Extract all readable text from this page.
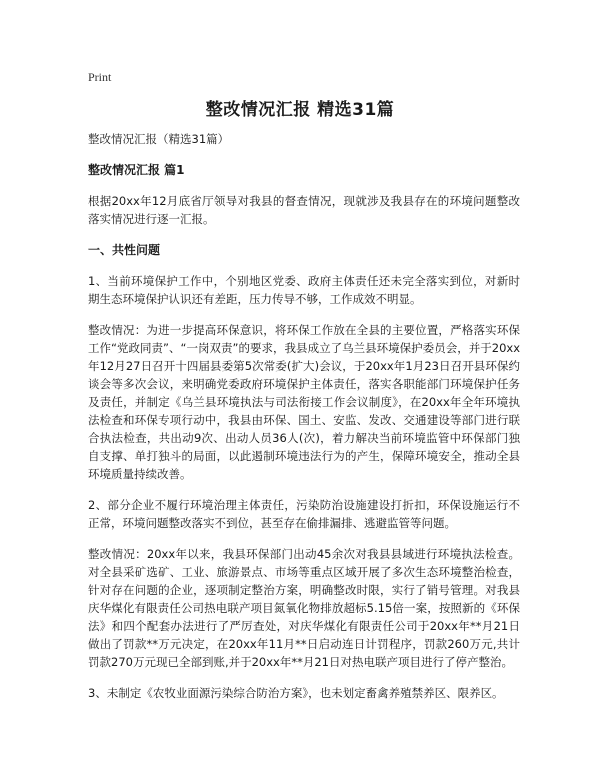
Print
整改情况汇报 精选31篇

整改情况汇报（精选31篇）

整改情况汇报 篇1

根据20xx年12月底省厅领导对我县的督查情况，现就涉及我县存在的环境问题整改落实情况进行逐一汇报。

一、共性问题

1、当前环境保护工作中，个别地区党委、政府主体责任还未完全落实到位，对新时期生态环境保护认识还有差距，压力传导不够，工作成效不明显。

整改情况：为进一步提高环保意识，将环保工作放在全县的主要位置，严格落实环保工作“党政同责”、“一岗双责”的要求，我县成立了乌兰县环境保护委员会，并于20xx年12月27日召开十四届县委第5次常委(扩大)会议，于20xx年1月23日召开县环保约谈会等多次会议，来明确党委政府环境保护主体责任，落实各职能部门环境保护任务及责任，并制定《乌兰县环境执法与司法衔接工作会议制度》，在20xx年全年环境执法检查和环保专项行动中，我县由环保、国土、安监、发改、交通建设等部门进行联合执法检查，共出动9次、出动人员36人(次)，着力解决当前环境监管中环保部门独自支撑、单打独斗的局面，以此遏制环境违法行为的产生，保障环境安全，推动全县环境质量持续改善。

2、部分企业不履行环境治理主体责任，污染防治设施建设打折扣，环保设施运行不正常，环境问题整改落实不到位，甚至存在偷排漏排、逃避监管等问题。

整改情况：20xx年以来，我县环保部门出动45余次对我县县域进行环境执法检查。对全县采矿选矿、工业、旅游景点、市场等重点区域开展了多次生态环境整治检查，针对存在问题的企业，逐项制定整治方案，明确整改时限，实行了销号管理。对我县庆华煤化有限责任公司热电联产项目氮氧化物排放超标5.15倍一案，按照新的《环保法》和四个配套办法进行了严厉查处，对庆华煤化有限责任公司于20xx年**月21日做出了罚款**万元决定，在20xx年11月**日启动连日计罚程序，罚款260万元,共计罚款270万元现已全部到账,并于20xx年**月21日对热电联产项目进行了停产整治。

3、未制定《农牧业面源污染综合防治方案》，也未划定畜禽养殖禁养区、限养区。
